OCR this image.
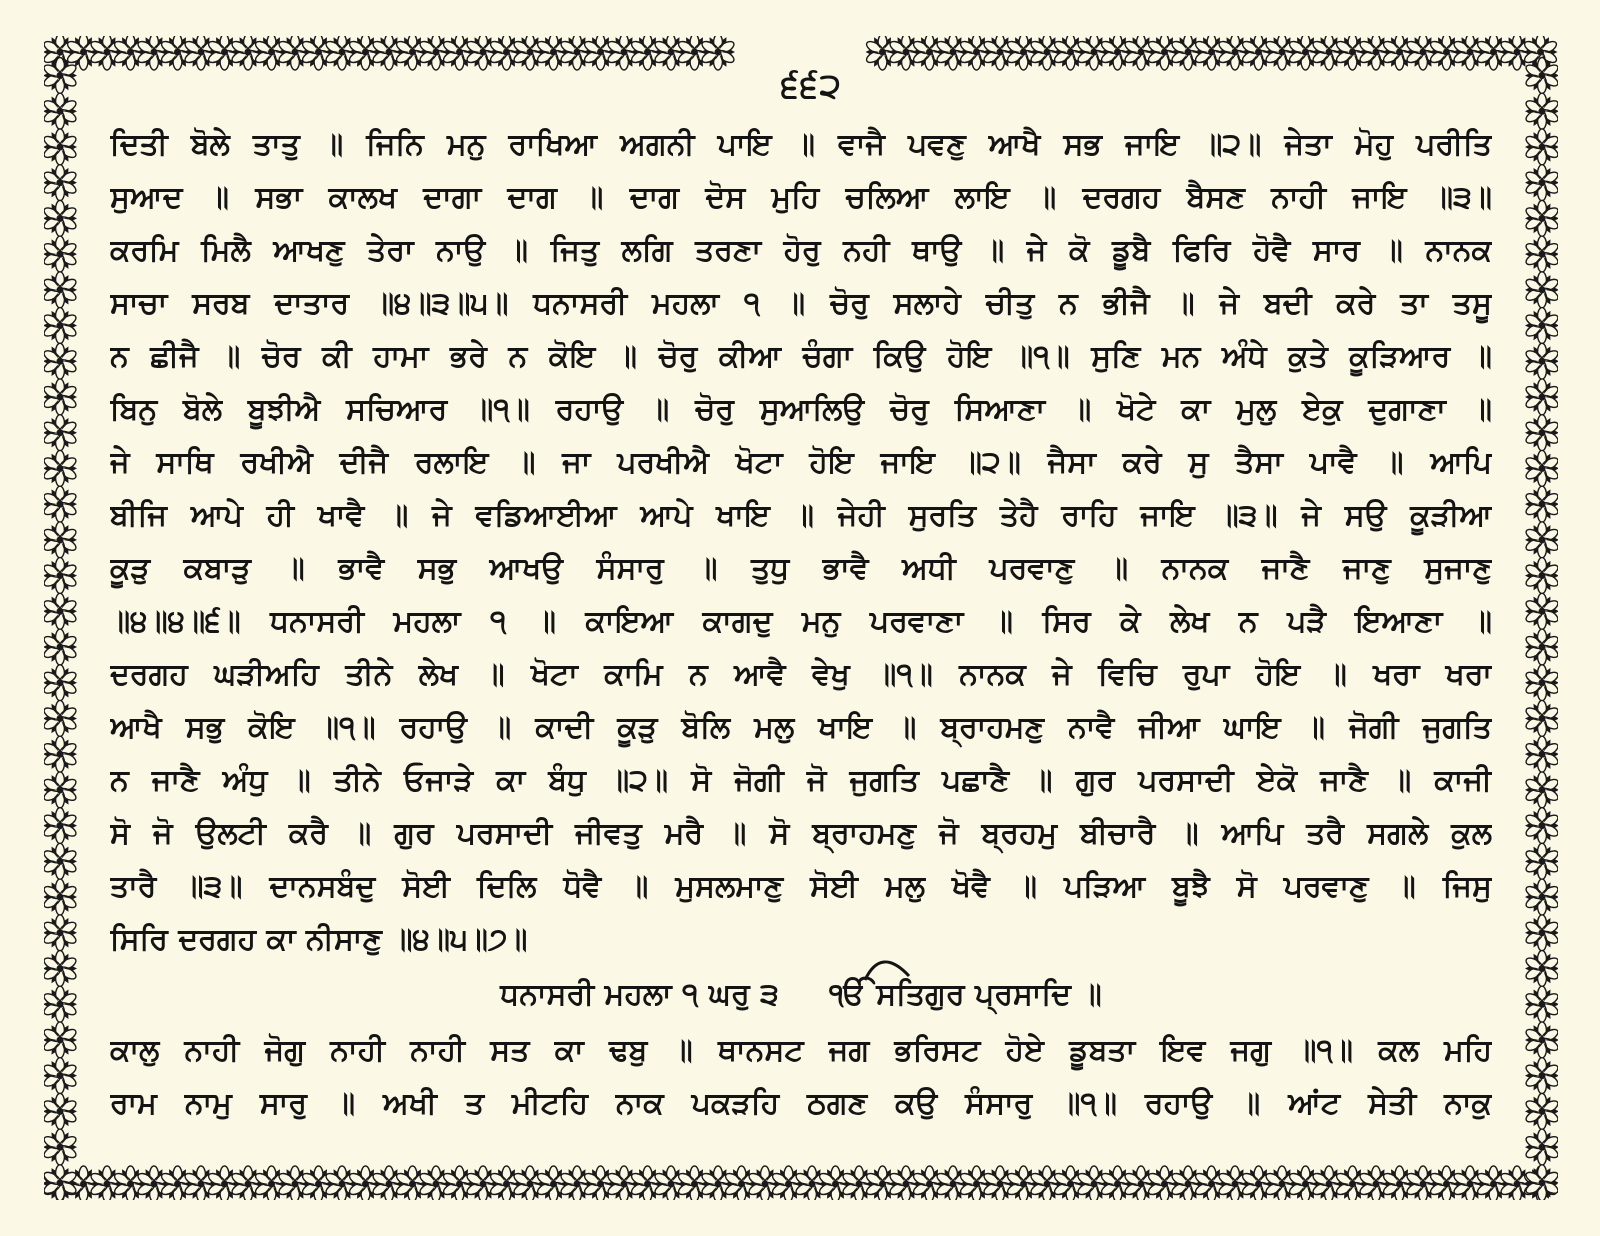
੬੬੨
ਦਿਤੀ ਬੋਲੇ ਤਾਤੁ ॥ ਜਿਨਿ ਮਨੁ ਰਾਖਿਆ ਅਗਨੀ ਪਾਇ ॥ ਵਾਜੈ ਪਵਣੁ ਆਖੈ ਸਭ ਜਾਇ ॥੨॥ ਜੇਤਾ ਮੋਹੁ ਪਰੀਤਿ
ਸੁਆਦ ॥ ਸਭਾ ਕਾਲਖ ਦਾਗਾ ਦਾਗ ॥ ਦਾਗ ਦੋਸ ਮੁਹਿ ਚਲਿਆ ਲਾਇ ॥ ਦਰਗਹ ਬੈਸਣ ਨਾਹੀ ਜਾਇ ॥੩॥
ਕਰਮਿ ਮਿਲੈ ਆਖਣੁ ਤੇਰਾ ਨਾਉ ॥ ਜਿਤੁ ਲਗਿ ਤਰਣਾ ਹੋਰੁ ਨਹੀ ਥਾਉ ॥ ਜੇ ਕੋ ਡੂਬੈ ਫਿਰਿ ਹੋਵੈ ਸਾਰ ॥ ਨਾਨਕ
ਸਾਚਾ ਸਰਬ ਦਾਤਾਰ ॥੪॥੩॥੫॥ ਧਨਾਸਰੀ ਮਹਲਾ ੧ ॥ ਚੋਰੁ ਸਲਾਹੇ ਚੀਤੁ ਨ ਭੀਜੈ ॥ ਜੇ ਬਦੀ ਕਰੇ ਤਾ ਤਸੂ
ਨ ਛੀਜੈ ॥ ਚੋਰ ਕੀ ਹਾਮਾ ਭਰੇ ਨ ਕੋਇ ॥ ਚੋਰੁ ਕੀਆ ਚੰਗਾ ਕਿਉ ਹੋਇ ॥੧॥ ਸੁਣਿ ਮਨ ਅੰਧੇ ਕੁਤੇ ਕੂੜਿਆਰ ॥
ਬਿਨੁ ਬੋਲੇ ਬੂਝੀਐ ਸਚਿਆਰ ॥੧॥ ਰਹਾਉ ॥ ਚੋਰੁ ਸੁਆਲਿਉ ਚੋਰੁ ਸਿਆਣਾ ॥ ਖੋਟੇ ਕਾ ਮੁਲੁ ਏਕੁ ਦੁਗਾਣਾ ॥
ਜੇ ਸਾਥਿ ਰਖੀਐ ਦੀਜੈ ਰਲਾਇ ॥ ਜਾ ਪਰਖੀਐ ਖੋਟਾ ਹੋਇ ਜਾਇ ॥੨॥ ਜੈਸਾ ਕਰੇ ਸੁ ਤੈਸਾ ਪਾਵੈ ॥ ਆਪਿ
ਬੀਜਿ ਆਪੇ ਹੀ ਖਾਵੈ ॥ ਜੇ ਵਡਿਆਈਆ ਆਪੇ ਖਾਇ ॥ ਜੇਹੀ ਸੁਰਤਿ ਤੇਹੈ ਰਾਹਿ ਜਾਇ ॥੩॥ ਜੇ ਸਉ ਕੂੜੀਆ
ਕੂੜੁ ਕਬਾੜੁ ॥ ਭਾਵੈ ਸਭੁ ਆਖਉ ਸੰਸਾਰੁ ॥ ਤੁਧੁ ਭਾਵੈ ਅਧੀ ਪਰਵਾਣੁ ॥ ਨਾਨਕ ਜਾਣੈ ਜਾਣੁ ਸੁਜਾਣੁ
॥੪॥੪॥੬॥ ਧਨਾਸਰੀ ਮਹਲਾ ੧ ॥ ਕਾਇਆ ਕਾਗਦੁ ਮਨੁ ਪਰਵਾਣਾ ॥ ਸਿਰ ਕੇ ਲੇਖ ਨ ਪੜੈ ਇਆਣਾ ॥
ਦਰਗਹ ਘੜੀਅਹਿ ਤੀਨੇ ਲੇਖ ॥ ਖੋਟਾ ਕਾਮਿ ਨ ਆਵੈ ਵੇਖੁ ॥੧॥ ਨਾਨਕ ਜੇ ਵਿਚਿ ਰੁਪਾ ਹੋਇ ॥ ਖਰਾ ਖਰਾ
ਆਖੈ ਸਭੁ ਕੋਇ ॥੧॥ ਰਹਾਉ ॥ ਕਾਦੀ ਕੂੜੁ ਬੋਲਿ ਮਲੁ ਖਾਇ ॥ ਬ੍ਰਾਹਮਣੁ ਨਾਵੈ ਜੀਆ ਘਾਇ ॥ ਜੋਗੀ ਜੁਗਤਿ
ਨ ਜਾਣੈ ਅੰਧੁ ॥ ਤੀਨੇ ਓਜਾੜੇ ਕਾ ਬੰਧੁ ॥੨॥ ਸੋ ਜੋਗੀ ਜੋ ਜੁਗਤਿ ਪਛਾਣੈ ॥ ਗੁਰ ਪਰਸਾਦੀ ਏਕੋ ਜਾਣੈ ॥ ਕਾਜੀ
ਸੋ ਜੋ ਉਲਟੀ ਕਰੈ ॥ ਗੁਰ ਪਰਸਾਦੀ ਜੀਵਤੁ ਮਰੈ ॥ ਸੋ ਬ੍ਰਾਹਮਣੁ ਜੋ ਬ੍ਰਹਮੁ ਬੀਚਾਰੈ ॥ ਆਪਿ ਤਰੈ ਸਗਲੇ ਕੁਲ
ਤਾਰੈ ॥੩॥ ਦਾਨਸਬੰਦੁ ਸੋਈ ਦਿਲਿ ਧੋਵੈ ॥ ਮੁਸਲਮਾਣੁ ਸੋਈ ਮਲੁ ਖੋਵੈ ॥ ਪੜਿਆ ਬੂਝੈ ਸੋ ਪਰਵਾਣੁ ॥ ਜਿਸੁ
ਸਿਰਿ ਦਰਗਹ ਕਾ ਨੀਸਾਣੁ ॥੪॥੫॥੭॥
ਧਨਾਸਰੀ ਮਹਲਾ ੧ ਘਰੁ ੩ ੴ ਸਤਿਗੁਰ ਪ੍ਰਸਾਦਿ ॥
ਕਾਲੁ ਨਾਹੀ ਜੋਗੁ ਨਾਹੀ ਨਾਹੀ ਸਤ ਕਾ ਢਬੁ ॥ ਥਾਨਸਟ ਜਗ ਭਰਿਸਟ ਹੋਏ ਡੂਬਤਾ ਇਵ ਜਗੁ ॥੧॥ ਕਲ ਮਹਿ
ਰਾਮ ਨਾਮੁ ਸਾਰੁ ॥ ਅਖੀ ਤ ਮੀਟਹਿ ਨਾਕ ਪਕੜਹਿ ਠਗਣ ਕਉ ਸੰਸਾਰੁ ॥੧॥ ਰਹਾਉ ॥ ਆਂਟ ਸੇਤੀ ਨਾਕੁ
